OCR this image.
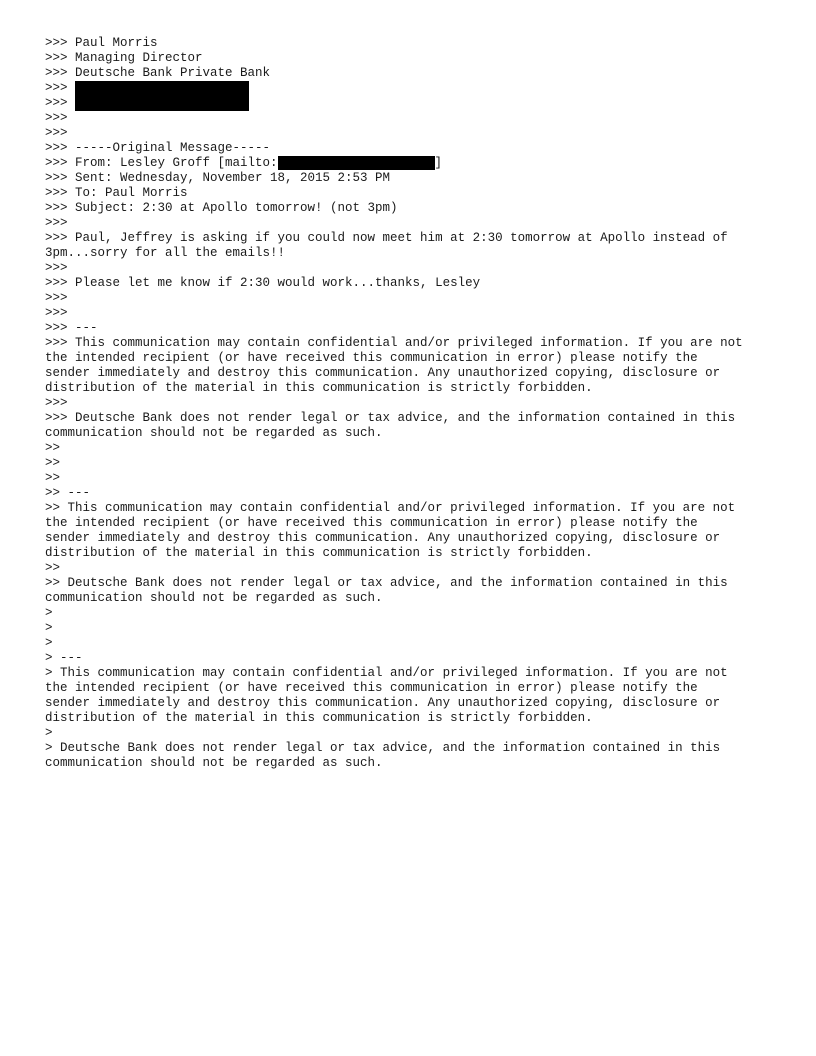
>>> Paul Morris
>>> Managing Director
>>> Deutsche Bank Private Bank
>>>
>>>
>>>
>>>
>>> -----Original Message-----
>>> From: Lesley Groff [mailto:	]
>>> Sent: Wednesday, November 18, 2015 2:53 PM
>>> To: Paul Morris
>>> Subject: 2:30 at Apollo tomorrow! (not 3pm)
>>>
>>> Paul, Jeffrey is asking if you could now meet him at 2:30 tomorrow at Apollo instead of
3pm...sorry for all the emails!!
>>>
>>> Please let me know if 2:30 would work...thanks, Lesley
>>>
>>>
>>> ---
>>> This communication may contain confidential and/or privileged information. If you are not
the intended recipient (or have received this communication in error) please notify the
sender immediately and destroy this communication. Any unauthorized copying, disclosure or
distribution of the material in this communication is strictly forbidden.
>>>
>>> Deutsche Bank does not render legal or tax advice, and the information contained in this
communication should not be regarded as such.
>>
>>
>>
>> ---
>> This communication may contain confidential and/or privileged information. If you are not
the intended recipient (or have received this communication in error) please notify the
sender immediately and destroy this communication. Any unauthorized copying, disclosure or
distribution of the material in this communication is strictly forbidden.
>>
>> Deutsche Bank does not render legal or tax advice, and the information contained in this
communication should not be regarded as such.
>
>
>
> ---
> This communication may contain confidential and/or privileged information. If you are not
the intended recipient (or have received this communication in error) please notify the
sender immediately and destroy this communication. Any unauthorized copying, disclosure or
distribution of the material in this communication is strictly forbidden.
>
> Deutsche Bank does not render legal or tax advice, and the information contained in this
communication should not be regarded as such.
